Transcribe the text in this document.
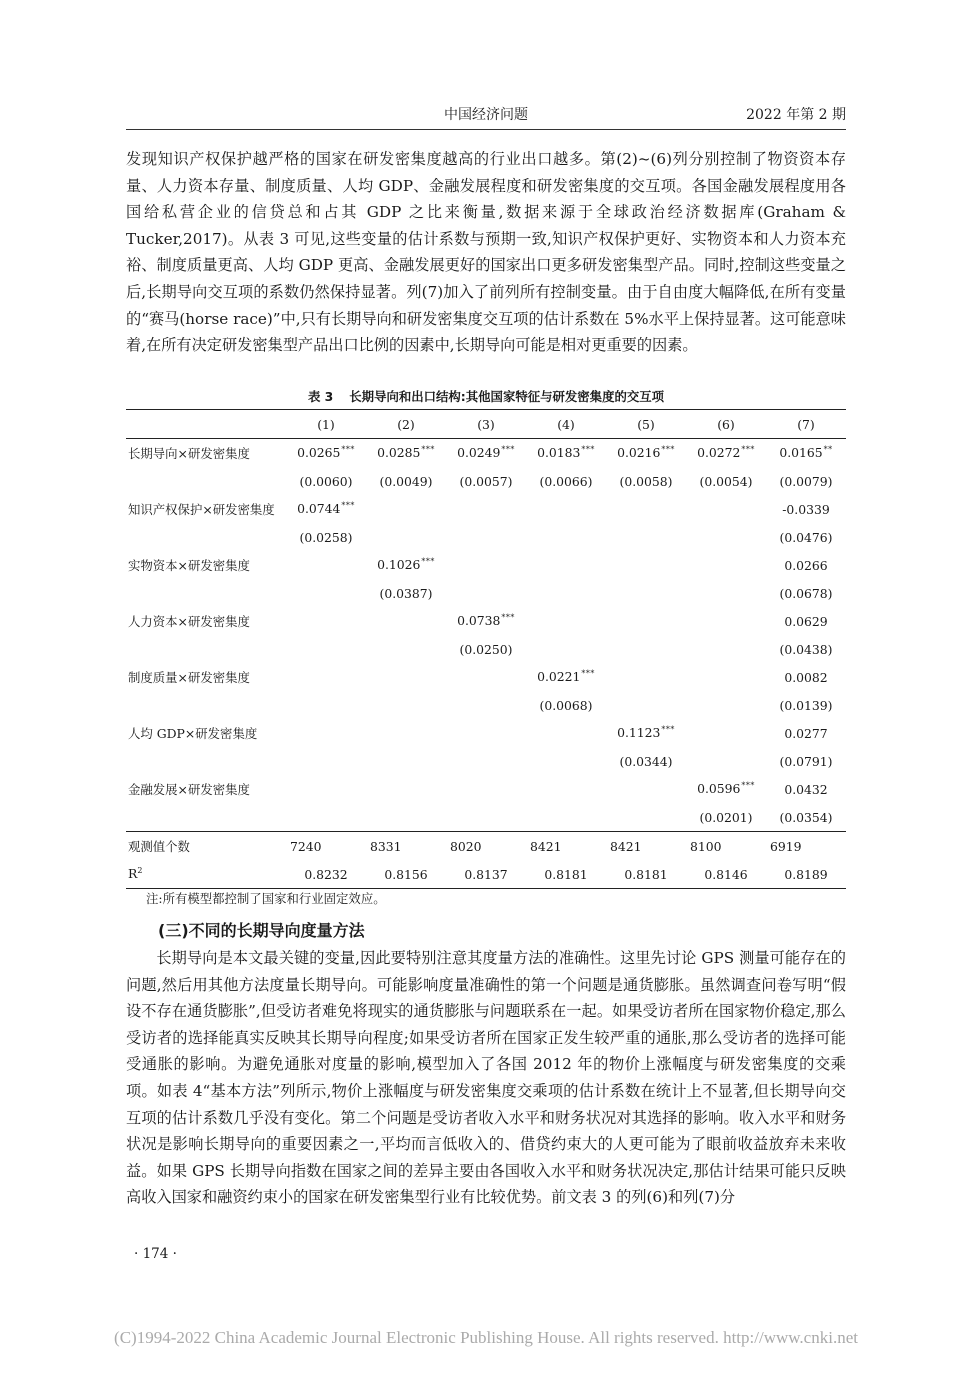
中国经济问题	2022 年第 2 期

发现知识产权保护越严格的国家在研发密集度越高的行业出口越多。第(2)~(6)列分别控制了物资资本存量、人力资本存量、制度质量、人均 GDP、金融发展程度和研发密集度的交互项。各国金融发展程度用各国给私营企业的信贷总和占其 GDP 之比来衡量,数据来源于全球政治经济数据库(Graham & Tucker,2017)。从表 3 可见,这些变量的估计系数与预期一致,知识产权保护更好、实物资本和人力资本充裕、制度质量更高、人均 GDP 更高、金融发展更好的国家出口更多研发密集型产品。同时,控制这些变量之后,长期导向交互项的系数仍然保持显著。列(7)加入了前列所有控制变量。由于自由度大幅降低,在所有变量的“赛马(horse race)”中,只有长期导向和研发密集度交互项的估计系数在 5%水平上保持显著。这可能意味着,在所有决定研发密集型产品出口比例的因素中,长期导向可能是相对更重要的因素。

表 3 长期导向和出口结构:其他国家特征与研发密集度的交互项
	(1)	(2)	(3)	(4)	(5)	(6)	(7)
长期导向×研发密集度	0.0265***	0.0285***	0.0249***	0.0183***	0.0216***	0.0272***	0.0165**
	(0.0060)	(0.0049)	(0.0057)	(0.0066)	(0.0058)	(0.0054)	(0.0079)
知识产权保护×研发密集度	0.0744***						-0.0339
	(0.0258)						(0.0476)
实物资本×研发密集度		0.1026***					0.0266
		(0.0387)					(0.0678)
人力资本×研发密集度			0.0738***				0.0629
			(0.0250)				(0.0438)
制度质量×研发密集度				0.0221***			0.0082
				(0.0068)			(0.0139)
人均 GDP×研发密集度					0.1123***		0.0277
					(0.0344)		(0.0791)
金融发展×研发密集度						0.0596***	0.0432
						(0.0201)	(0.0354)
观测值个数	7240	8331	8020	8421	8421	8100	6919
$R^2$	0.8232	0.8156	0.8137	0.8181	0.8181	0.8146	0.8189
注:所有模型都控制了国家和行业固定效应。
(三)不同的长期导向度量方法

长期导向是本文最关键的变量,因此要特别注意其度量方法的准确性。这里先讨论 GPS 测量可能存在的问题,然后用其他方法度量长期导向。可能影响度量准确性的第一个问题是通货膨胀。虽然调查问卷写明“假设不存在通货膨胀”,但受访者难免将现实的通货膨胀与问题联系在一起。如果受访者所在国家物价稳定,那么受访者的选择能真实反映其长期导向程度;如果受访者所在国家正发生较严重的通胀,那么受访者的选择可能受通胀的影响。为避免通胀对度量的影响,模型加入了各国 2012 年的物价上涨幅度与研发密集度的交乘项。如表 4“基本方法”列所示,物价上涨幅度与研发密集度交乘项的估计系数在统计上不显著,但长期导向交互项的估计系数几乎没有变化。第二个问题是受访者收入水平和财务状况对其选择的影响。收入水平和财务状况是影响长期导向的重要因素之一,平均而言低收入的、借贷约束大的人更可能为了眼前收益放弃未来收益。如果 GPS 长期导向指数在国家之间的差异主要由各国收入水平和财务状况决定,那估计结果可能只反映高收入国家和融资约束小的国家在研发密集型行业有比较优势。前文表 3 的列(6)和列(7)分

· 174 ·
(C)1994-2022 China Academic Journal Electronic Publishing House. All rights reserved. http://www.cnki.net
